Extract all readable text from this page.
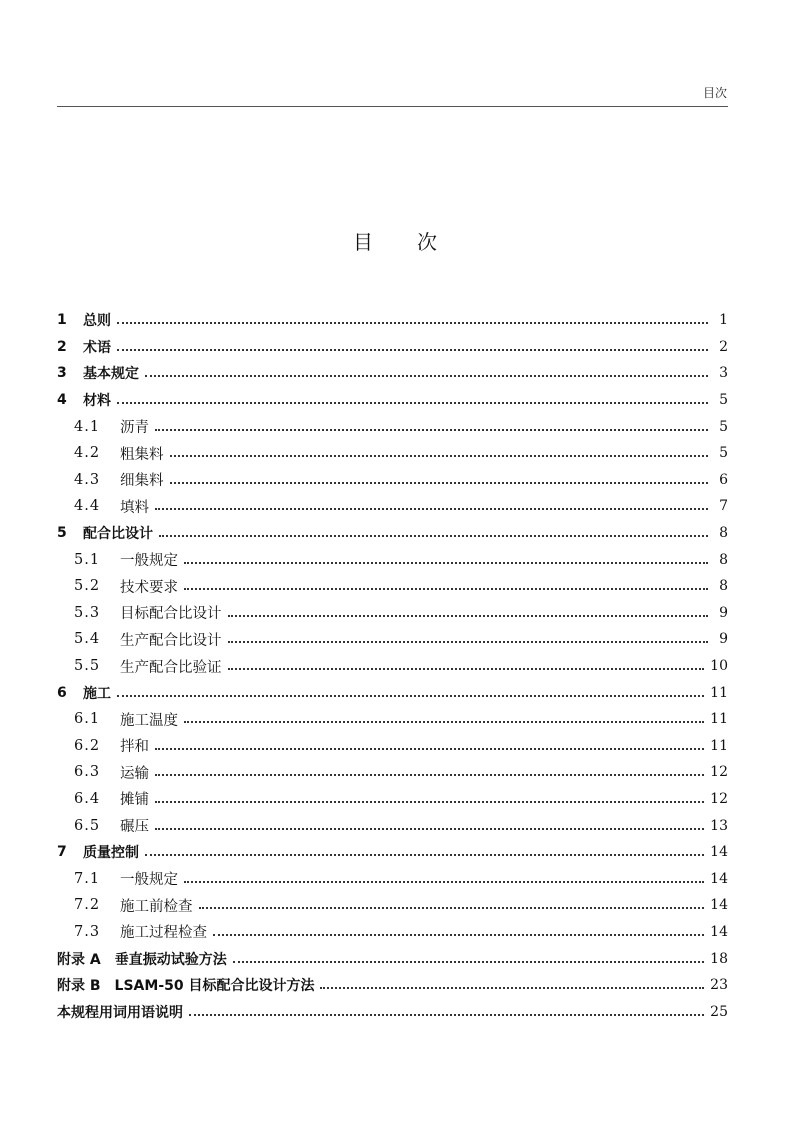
目次
目 次
1	总则	1
2	术语	2
3	基本规定	3
4	材料	5
4.1	沥青	5
4.2	粗集料	5
4.3	细集料	6
4.4	填料	7
5	配合比设计	8
5.1	一般规定	8
5.2	技术要求	8
5.3	目标配合比设计	9
5.4	生产配合比设计	9
5.5	生产配合比验证	10
6	施工	11
6.1	施工温度	11
6.2	拌和	11
6.3	运输	12
6.4	摊铺	12
6.5	碾压	13
7	质量控制	14
7.1	一般规定	14
7.2	施工前检查	14
7.3	施工过程检查	14
附录 A 垂直振动试验方法	18
附录 B LSAM-50 目标配合比设计方法	23
本规程用词用语说明	25
